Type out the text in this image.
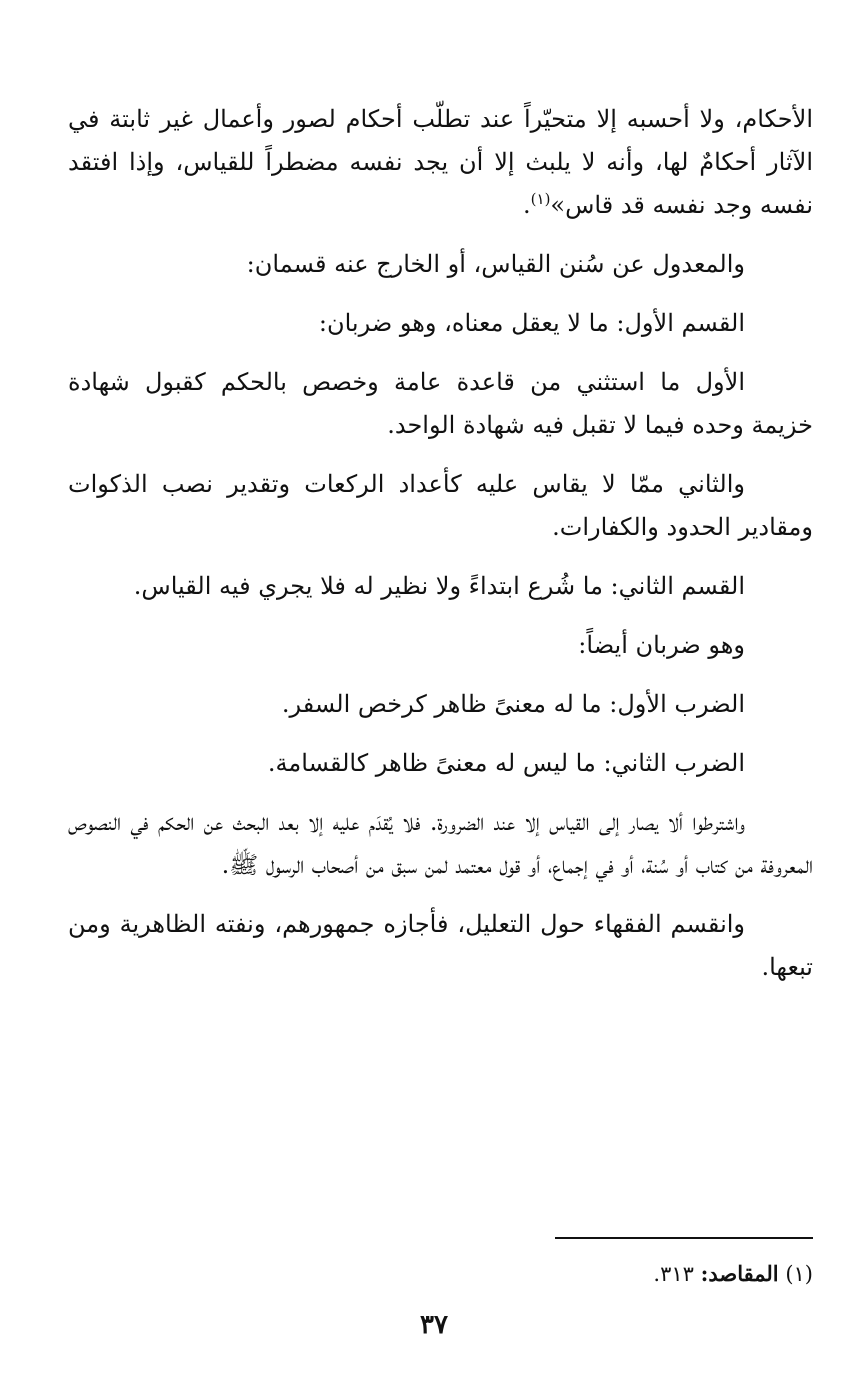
الأحكام، ولا أحسبه إلا متحيّراً عند تطلّب أحكام لصور وأعمال غير ثابتة في الآثار أحكامٌ لها، وأنه لا يلبث إلا أن يجد نفسه مضطراً للقياس، وإذا افتقد نفسه وجد نفسه قد قاس»$^{(١)}$.

والمعدول عن سُنن القياس، أو الخارج عنه قسمان:

القسم الأول: ما لا يعقل معناه، وهو ضربان:

الأول ما استثني من قاعدة عامة وخصص بالحكم كقبول شهادة خزيمة وحده فيما لا تقبل فيه شهادة الواحد.

والثاني ممّا لا يقاس عليه كأعداد الركعات وتقدير نصب الذكوات ومقادير الحدود والكفارات.

القسم الثاني: ما شُرع ابتداءً ولا نظير له فلا يجري فيه القياس.

وهو ضربان أيضاً:

الضرب الأول: ما له معنىً ظاهر كرخص السفر.

الضرب الثاني: ما ليس له معنىً ظاهر كالقسامة.

واشترطوا ألا يصار إلى القياس إلا عند الضرورة. فلا يُقدَم عليه إلا بعد البحث عن الحكم في النصوص المعروفة من كتاب أو سُنة، أو في إجماع، أو قول معتمد لمن سبق من أصحاب الرسول ﷺ.

وانقسم الفقهاء حول التعليل، فأجازه جمهورهم، ونفته الظاهرية ومن تبعها.

(١) المقاصد: ٣١٣.
٣٧
